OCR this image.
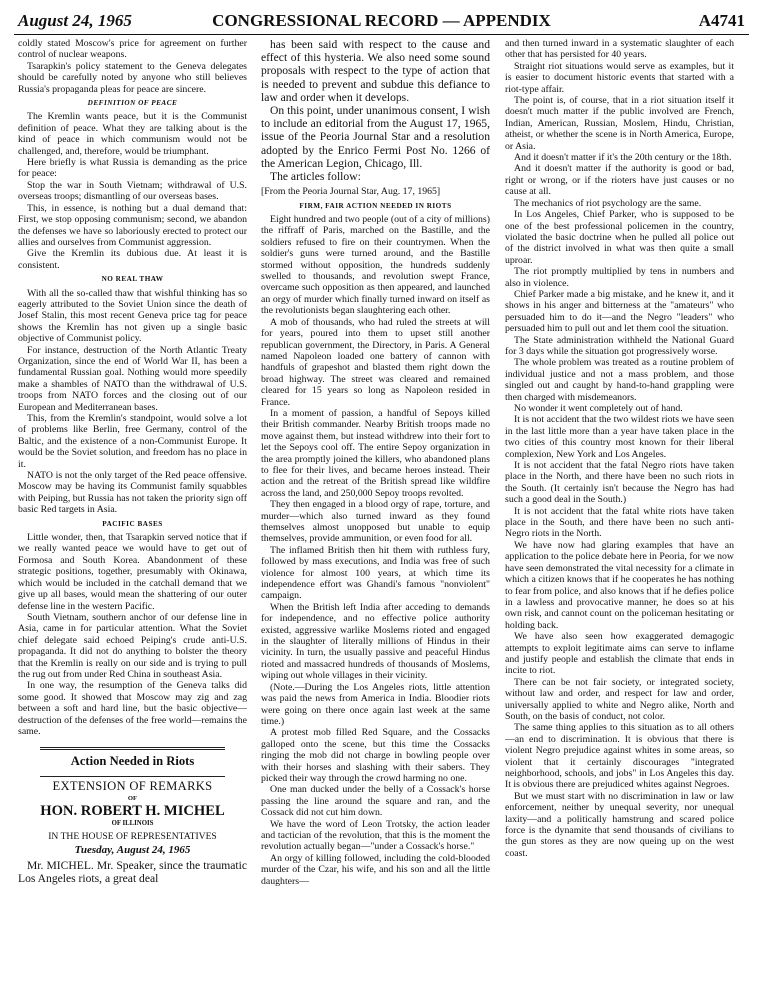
August 24, 1965	CONGRESSIONAL RECORD — APPENDIX	A4741

coldly stated Moscow's price for agreement on further control of nuclear weapons.

Tsarapkin's policy statement to the Geneva delegates should be carefully noted by anyone who still believes Russia's propaganda pleas for peace are sincere.

DEFINITION OF PEACE

The Kremlin wants peace, but it is the Communist definition of peace. What they are talking about is the kind of peace in which communism would not be challenged, and, therefore, would be triumphant.

Here briefly is what Russia is demanding as the price for peace:

Stop the war in South Vietnam; withdrawal of U.S. overseas troops; dismantling of our overseas bases.

This, in essence, is nothing but a dual demand that: First, we stop opposing communism; second, we abandon the defenses we have so laboriously erected to protect our allies and ourselves from Communist aggression.

Give the Kremlin its dubious due. At least it is consistent.

NO REAL THAW

With all the so-called thaw that wishful thinking has so eagerly attributed to the Soviet Union since the death of Josef Stalin, this most recent Geneva price tag for peace shows the Kremlin has not given up a single basic objective of Communist policy.

For instance, destruction of the North Atlantic Treaty Organization, since the end of World War II, has been a fundamental Russian goal. Nothing would more speedily make a shambles of NATO than the withdrawal of U.S. troops from NATO forces and the closing out of our European and Mediterranean bases.

This, from the Kremlin's standpoint, would solve a lot of problems like Berlin, free Germany, control of the Baltic, and the existence of a non-Communist Europe. It would be the Soviet solution, and freedom has no place in it.

NATO is not the only target of the Red peace offensive. Moscow may be having its Communist family squabbles with Peiping, but Russia has not taken the priority sign off basic Red targets in Asia.

PACIFIC BASES

Little wonder, then, that Tsarapkin served notice that if we really wanted peace we would have to get out of Formosa and South Korea. Abandonment of these strategic positions, together, presumably with Okinawa, which would be included in the catchall demand that we give up all bases, would mean the shattering of our outer defense line in the western Pacific.

South Vietnam, southern anchor of our defense line in Asia, came in for particular attention. What the Soviet chief delegate said echoed Peiping's crude anti-U.S. propaganda. It did not do anything to bolster the theory that the Kremlin is really on our side and is trying to pull the rug out from under Red China in southeast Asia.

In one way, the resumption of the Geneva talks did some good. It showed that Moscow may zig and zag between a soft and hard line, but the basic objective—destruction of the defenses of the free world—remains the same.

Action Needed in Riots
EXTENSION OF REMARKS
OF
HON. ROBERT H. MICHEL
OF ILLINOIS
IN THE HOUSE OF REPRESENTATIVES
Tuesday, August 24, 1965

Mr. MICHEL. Mr. Speaker, since the traumatic Los Angeles riots, a great deal

has been said with respect to the cause and effect of this hysteria. We also need some sound proposals with respect to the type of action that is needed to prevent and subdue this defiance to law and order when it develops.

On this point, under unanimous consent, I wish to include an editorial from the August 17, 1965, issue of the Peoria Journal Star and a resolution adopted by the Enrico Fermi Post No. 1266 of the American Legion, Chicago, Ill.

The articles follow:

[From the Peoria Journal Star, Aug. 17, 1965]

FIRM, FAIR ACTION NEEDED IN RIOTS

Eight hundred and two people (out of a city of millions) the riffraff of Paris, marched on the Bastille, and the soldiers refused to fire on their countrymen. When the soldier's guns were turned around, and the Bastille stormed without opposition, the hundreds suddenly swelled to thousands, and revolution swept France, overcame such opposition as then appeared, and launched an orgy of murder which finally turned inward on itself as the revolutionists began slaughtering each other.

A mob of thousands, who had ruled the streets at will for years, poured into them to upset still another republican government, the Directory, in Paris. A General named Napoleon loaded one battery of cannon with handfuls of grapeshot and blasted them right down the broad highway. The street was cleared and remained cleared for 15 years so long as Napoleon resided in France.

In a moment of passion, a handful of Sepoys killed their British commander. Nearby British troops made no move against them, but instead withdrew into their fort to let the Sepoys cool off. The entire Sepoy organization in the area promptly joined the killers, who abandoned plans to flee for their lives, and became heroes instead. Their action and the retreat of the British spread like wildfire across the land, and 250,000 Sepoy troops revolted.

They then engaged in a blood orgy of rape, torture, and murder—which also turned inward as they found themselves almost unopposed but unable to equip themselves, provide ammunition, or even food for all.

The inflamed British then hit them with ruthless fury, followed by mass executions, and India was free of such violence for almost 100 years, at which time its independence effort was Ghandi's famous "nonviolent" campaign.

When the British left India after acceding to demands for independence, and no effective police authority existed, aggressive warlike Moslems rioted and engaged in the slaughter of literally millions of Hindus in their vicinity. In turn, the usually passive and peaceful Hindus rioted and massacred hundreds of thousands of Moslems, wiping out whole villages in their vicinity.

(Note.—During the Los Angeles riots, little attention was paid the news from America in India. Bloodier riots were going on there once again last week at the same time.)

A protest mob filled Red Square, and the Cossacks galloped onto the scene, but this time the Cossacks ringing the mob did not charge in bowling people over with their horses and slashing with their sabers. They picked their way through the crowd harming no one.

One man ducked under the belly of a Cossack's horse passing the line around the square and ran, and the Cossack did not cut him down.

We have the word of Leon Trotsky, the action leader and tactician of the revolution, that this is the moment the revolution actually began—"under a Cossack's horse."

An orgy of killing followed, including the cold-blooded murder of the Czar, his wife, and his son and all the little daughters—

and then turned inward in a systematic slaughter of each other that has persisted for 40 years.

Straight riot situations would serve as examples, but it is easier to document historic events that started with a riot-type affair.

The point is, of course, that in a riot situation itself it doesn't much matter if the public involved are French, Indian, American, Russian, Moslem, Hindu, Christian, atheist, or whether the scene is in North America, Europe, or Asia.

And it doesn't matter if it's the 20th century or the 18th.

And it doesn't matter if the authority is good or bad, right or wrong, or if the rioters have just causes or no cause at all.

The mechanics of riot psychology are the same.

In Los Angeles, Chief Parker, who is supposed to be one of the best professional policemen in the country, violated the basic doctrine when he pulled all police out of the district involved in what was then quite a small uproar.

The riot promptly multiplied by tens in numbers and also in violence.

Chief Parker made a big mistake, and he knew it, and it shows in his anger and bitterness at the "amateurs" who persuaded him to do it—and the Negro "leaders" who persuaded him to pull out and let them cool the situation.

The State administration withheld the National Guard for 3 days while the situation got progressively worse.

The whole problem was treated as a routine problem of individual justice and not a mass problem, and those singled out and caught by hand-to-hand grappling were then charged with misdemeanors.

No wonder it went completely out of hand.

It is not accident that the two wildest riots we have seen in the last little more than a year have taken place in the two cities of this country most known for their liberal complexion, New York and Los Angeles.

It is not accident that the fatal Negro riots have taken place in the North, and there have been no such riots in the South. (It certainly isn't because the Negro has had such a good deal in the South.)

It is not accident that the fatal white riots have taken place in the South, and there have been no such anti-Negro riots in the North.

We have now had glaring examples that have an application to the police debate here in Peoria, for we now have seen demonstrated the vital necessity for a climate in which a citizen knows that if he cooperates he has nothing to fear from police, and also knows that if he defies police in a lawless and provocative manner, he does so at his own risk, and cannot count on the policeman hesitating or holding back.

We have also seen how exaggerated demagogic attempts to exploit legitimate aims can serve to inflame and justify people and establish the climate that ends in incite to riot.

There can be not fair society, or integrated society, without law and order, and respect for law and order, universally applied to white and Negro alike, North and South, on the basis of conduct, not color.

The same thing applies to this situation as to all others—an end to discrimination. It is obvious that there is violent Negro prejudice against whites in some areas, so violent that it certainly discourages "integrated neighborhood, schools, and jobs" in Los Angeles this day. It is obvious there are prejudiced whites against Negroes.

But we must start with no discrimination in law or law enforcement, neither by unequal severity, nor unequal laxity—and a politically hamstrung and scared police force is the dynamite that send thousands of civilians to the gun stores as they are now queing up on the west coast.
